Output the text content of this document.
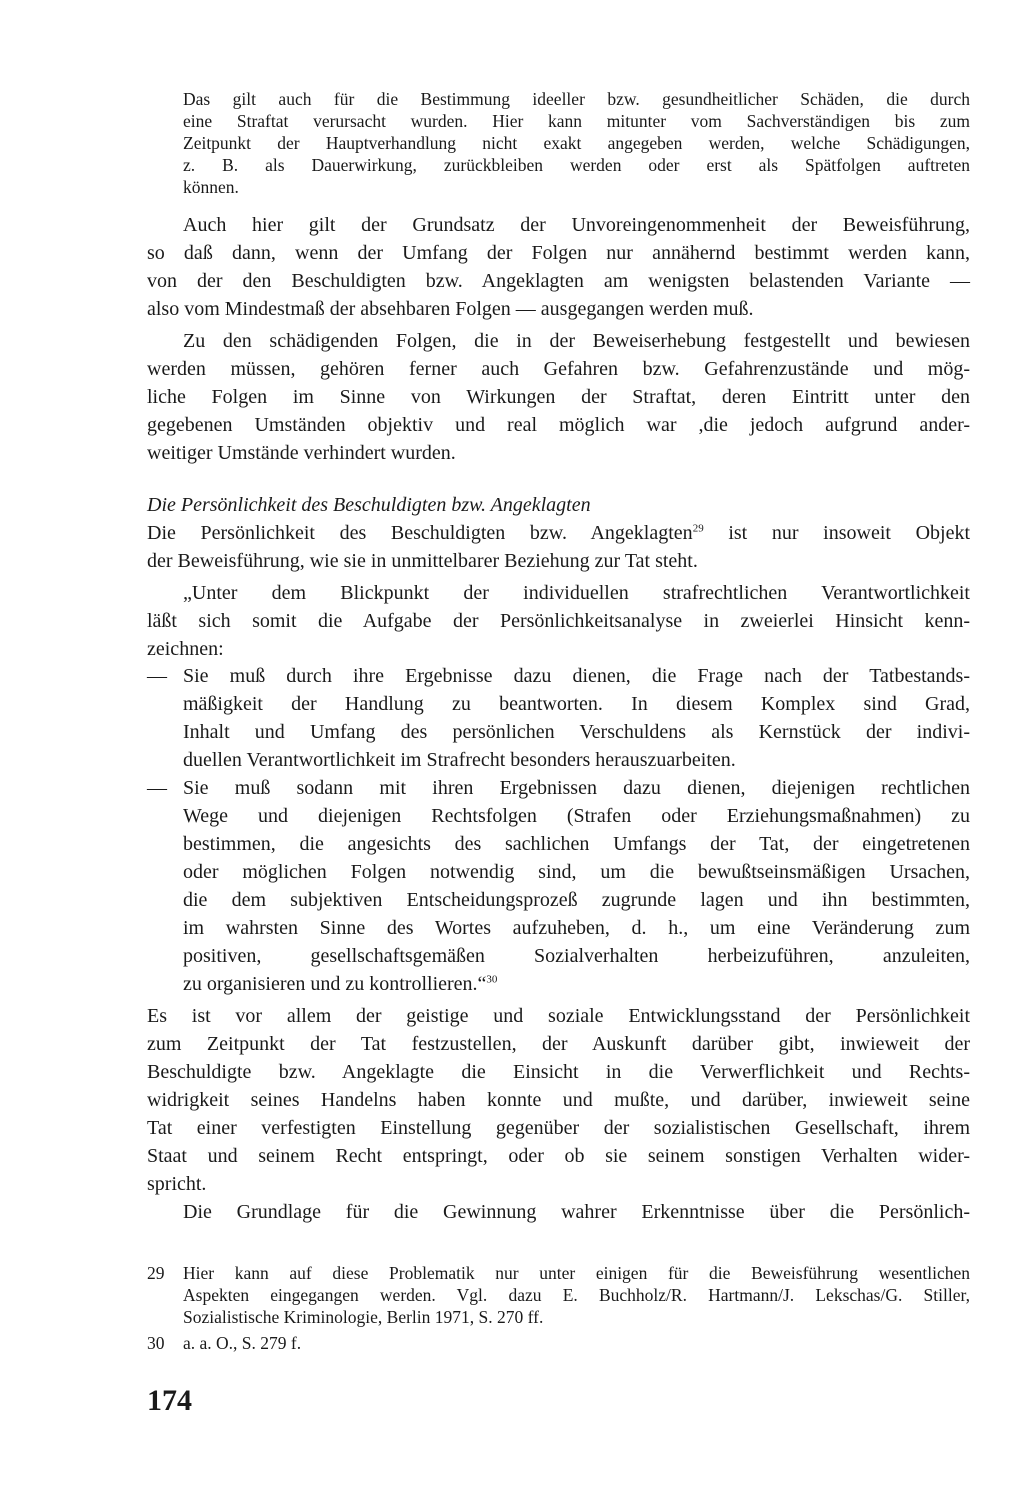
Das gilt auch für die Bestimmung ideeller bzw. gesundheitlicher Schäden, die durch

eine Straftat verursacht wurden. Hier kann mitunter vom Sachverständigen bis zum

Zeitpunkt der Hauptverhandlung nicht exakt angegeben werden, welche Schädigungen,

z. B. als Dauerwirkung, zurückbleiben werden oder erst als Spätfolgen auftreten

können.

Auch hier gilt der Grundsatz der Unvoreingenommenheit der Beweisführung,

so daß dann, wenn der Umfang der Folgen nur annähernd bestimmt werden kann,

von der den Beschuldigten bzw. Angeklagten am wenigsten belastenden Variante —

also vom Mindestmaß der absehbaren Folgen — ausgegangen werden muß.

Zu den schädigenden Folgen, die in der Beweiserhebung festgestellt und bewiesen

werden müssen, gehören ferner auch Gefahren bzw. Gefahrenzustände und mög-

liche Folgen im Sinne von Wirkungen der Straftat, deren Eintritt unter den

gegebenen Umständen objektiv und real möglich war ,die jedoch aufgrund ander-

weitiger Umstände verhindert wurden.

Die Persönlichkeit des Beschuldigten bzw. Angeklagten

Die Persönlichkeit des Beschuldigten bzw. Angeklagten$^{29}$ ist nur insoweit Objekt

der Beweisführung, wie sie in unmittelbarer Beziehung zur Tat steht.

„Unter dem Blickpunkt der individuellen strafrechtlichen Verantwortlichkeit

läßt sich somit die Aufgabe der Persönlichkeitsanalyse in zweierlei Hinsicht kenn-

zeichnen:

— Sie muß durch ihre Ergebnisse dazu dienen, die Frage nach der Tatbestands-

mäßigkeit der Handlung zu beantworten. In diesem Komplex sind Grad,

Inhalt und Umfang des persönlichen Verschuldens als Kernstück der indivi-

duellen Verantwortlichkeit im Strafrecht besonders herauszuarbeiten.

— Sie muß sodann mit ihren Ergebnissen dazu dienen, diejenigen rechtlichen

Wege und diejenigen Rechtsfolgen (Strafen oder Erziehungsmaßnahmen) zu

bestimmen, die angesichts des sachlichen Umfangs der Tat, der eingetretenen

oder möglichen Folgen notwendig sind, um die bewußtseinsmäßigen Ursachen,

die dem subjektiven Entscheidungsprozeß zugrunde lagen und ihn bestimmten,

im wahrsten Sinne des Wortes aufzuheben, d. h., um eine Veränderung zum

positiven, gesellschaftsgemäßen Sozialverhalten herbeizuführen, anzuleiten,

zu organisieren und zu kontrollieren.“$^{30}$

Es ist vor allem der geistige und soziale Entwicklungsstand der Persönlichkeit

zum Zeitpunkt der Tat festzustellen, der Auskunft darüber gibt, inwieweit der

Beschuldigte bzw. Angeklagte die Einsicht in die Verwerflichkeit und Rechts-

widrigkeit seines Handelns haben konnte und mußte, und darüber, inwieweit seine

Tat einer verfestigten Einstellung gegenüber der sozialistischen Gesellschaft, ihrem

Staat und seinem Recht entspringt, oder ob sie seinem sonstigen Verhalten wider-

spricht.

Die Grundlage für die Gewinnung wahrer Erkenntnisse über die Persönlich-

29	Hier kann auf diese Problematik nur unter einigen für die Beweisführung wesentlichen

Aspekten eingegangen werden. Vgl. dazu E. Buchholz/R. Hartmann/J. Lekschas/G. Stiller,

Sozialistische Kriminologie, Berlin 1971, S. 270 ff.

30	a. a. O., S. 279 f.

174
